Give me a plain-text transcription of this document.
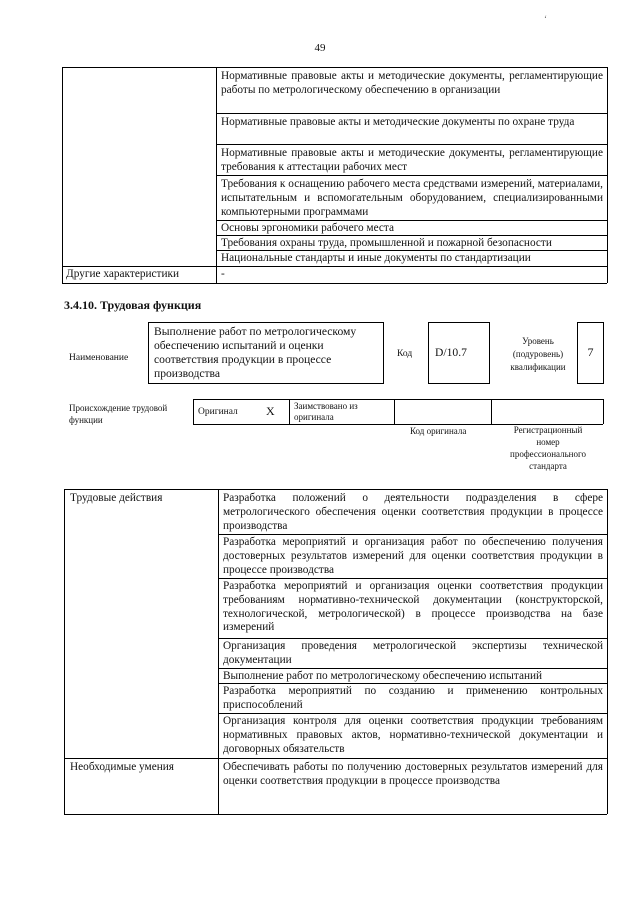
‘
49
Нормативные правовые акты и методические документы, регламентирующие работы по метрологическому обеспечению в организации
Нормативные правовые акты и методические документы по охране труда
Нормативные правовые акты и методические документы, регламентирующие требования к аттестации рабочих мест
Требования к оснащению рабочего места средствами измерений, материалами, испытательным и вспомогательным оборудованием, специализированными компьютерными программами
Основы эргономики рабочего места
Требования охраны труда, промышленной и пожарной безопасности
Национальные стандарты и иные документы по стандартизации
Другие характеристики	-
3.4.10. Трудовая функция
Наименование
Выполнение работ по метрологическому обеспечению испытаний и оценки соответствия продукции в процессе производства
Код D/10.7
Уровень (подуровень) квалификации
7
Происхождение трудовой функции
Оригинал X Заимствовано из оригинала
Код оригинала	Регистрационный номер профессионального стандарта
Трудовые действия	Разработка положений о деятельности подразделения в сфере метрологического обеспечения оценки соответствия продукции в процессе производства
Разработка мероприятий и организация работ по обеспечению получения достоверных результатов измерений для оценки соответствия продукции в процессе производства
Разработка мероприятий и организация оценки соответствия продукции требованиям нормативно-технической документации (конструкторской, технологической, метрологической) в процессе производства на базе измерений
Организация проведения метрологической экспертизы технической документации
Выполнение работ по метрологическому обеспечению испытаний
Разработка мероприятий по созданию и применению контрольных приспособлений
Организация контроля для оценки соответствия продукции требованиям нормативных правовых актов, нормативно-технической документации и договорных обязательств
Необходимые умения	Обеспечивать работы по получению достоверных результатов измерений для оценки соответствия продукции в процессе производства
